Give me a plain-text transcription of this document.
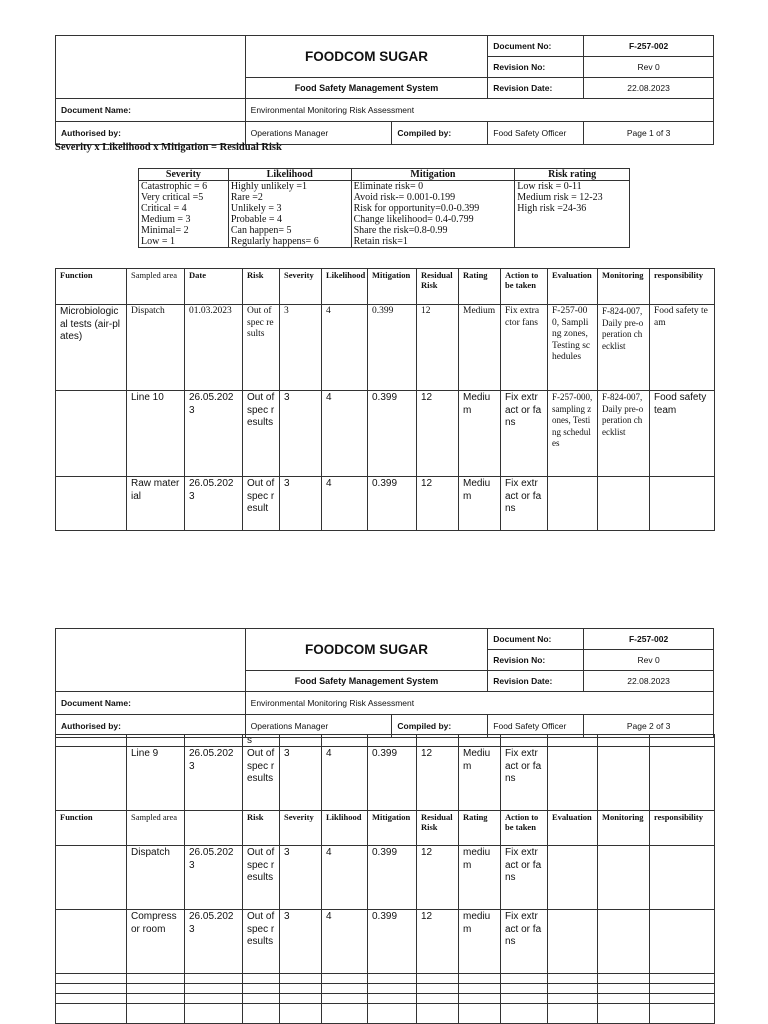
	FOODCOM SUGAR		Document No:	F-257-002
			Revision No:	Rev 0
	Food Safety Management System		Revision Date:	22.08.2023
Document Name:	Environmental Monitoring Risk Assessment			
Authorised by:	Operations Manager	Compiled by:	Food Safety Officer	Page 1 of 3
Severity x Likelihood x Mitigation = Residual Risk
Severity	Likelihood	Mitigation	Risk rating
Catastrophic = 6	Highly unlikely =1	Eliminate risk= 0	Low risk = 0-11
Very critical =5	Rare =2	Avoid risk-= 0.001-0.199	Medium risk = 12-23
Critical = 4	Unlikely = 3	Risk for opportunity=0.0-0.399	High risk =24-36
Medium = 3	Probable = 4	Change likelihood= 0.4-0.799	
Minimal= 2	Can happen= 5	Share the risk=0.8-0.99	
Low = 1	Regularly happens= 6	Retain risk=1	
Function	Sampled area	Date	Risk	Severity	Likelihood	Mitigation	Residual Risk	Rating	Action to be taken	Evaluation	Monitoring	responsibility
Microbiological tests (air-plates)	Dispatch	01.03.2023	Out of spec results	3	4	0.399	12	Medium	Fix extractor fans	F-257-000, Sampling zones, Testing schedules	F-824-007, Daily pre-operation checklist	Food safety team
	Line 10	26.05.2023	Out of spec results	3	4	0.399	12	Medium	Fix extract or fans	F-257-000, sampling zones, Testing schedules	F-824-007,Daily pre-operation checklist	Food safety team
	Raw material	26.05.2023	Out of spec result	3	4	0.399	12	Medium	Fix extract or fans			
	FOODCOM SUGAR		Document No:	F-257-002
			Revision No:	Rev 0
	Food Safety Management System		Revision Date:	22.08.2023
Document Name:	Environmental Monitoring Risk Assessment			
Authorised by:	Operations Manager	Compiled by:	Food Safety Officer	Page 2 of 3
			s									
	Line 9	26.05.2023	Out of spec results	3	4	0.399	12	Medium	Fix extract or fans			
Function	Sampled area		Risk	Severity	Liklihood	Mitigation	Residual Risk	Rating	Action to be taken	Evaluation	Monitoring	responsibility
	Dispatch	26.05.2023	Out of spec results	3	4	0.399	12	medium	Fix extract or fans			
	Compressor room	26.05.2023	Out of spec results	3	4	0.399	12	medium	Fix extract or fans			
